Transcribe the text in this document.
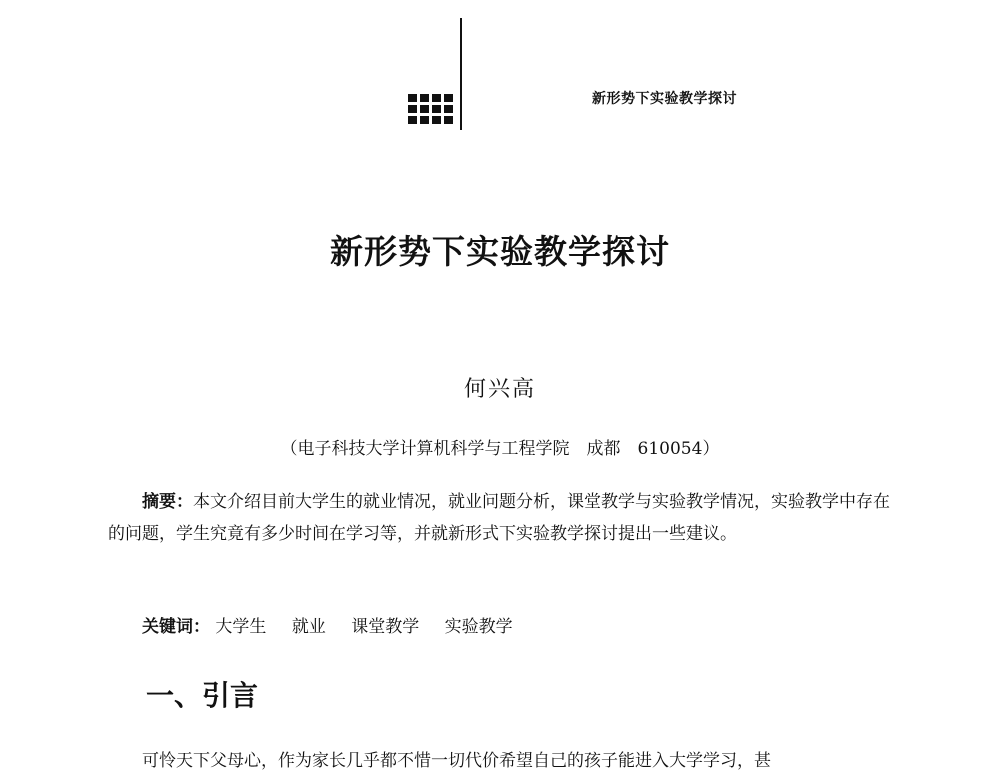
新形势下实验教学探讨
新形势下实验教学探讨
何兴高
（电子科技大学计算机科学与工程学院　成都　610054）

摘要：本文介绍目前大学生的就业情况，就业问题分析，课堂教学与实验教学情况，实验教学中存在的问题，学生究竟有多少时间在学习等，并就新形式下实验教学探讨提出一些建议。

关键词： 大学生 就业 课堂教学 实验教学
一、引言
可怜天下父母心，作为家长几乎都不惜一切代价希望自己的孩子能进入大学学习，甚
